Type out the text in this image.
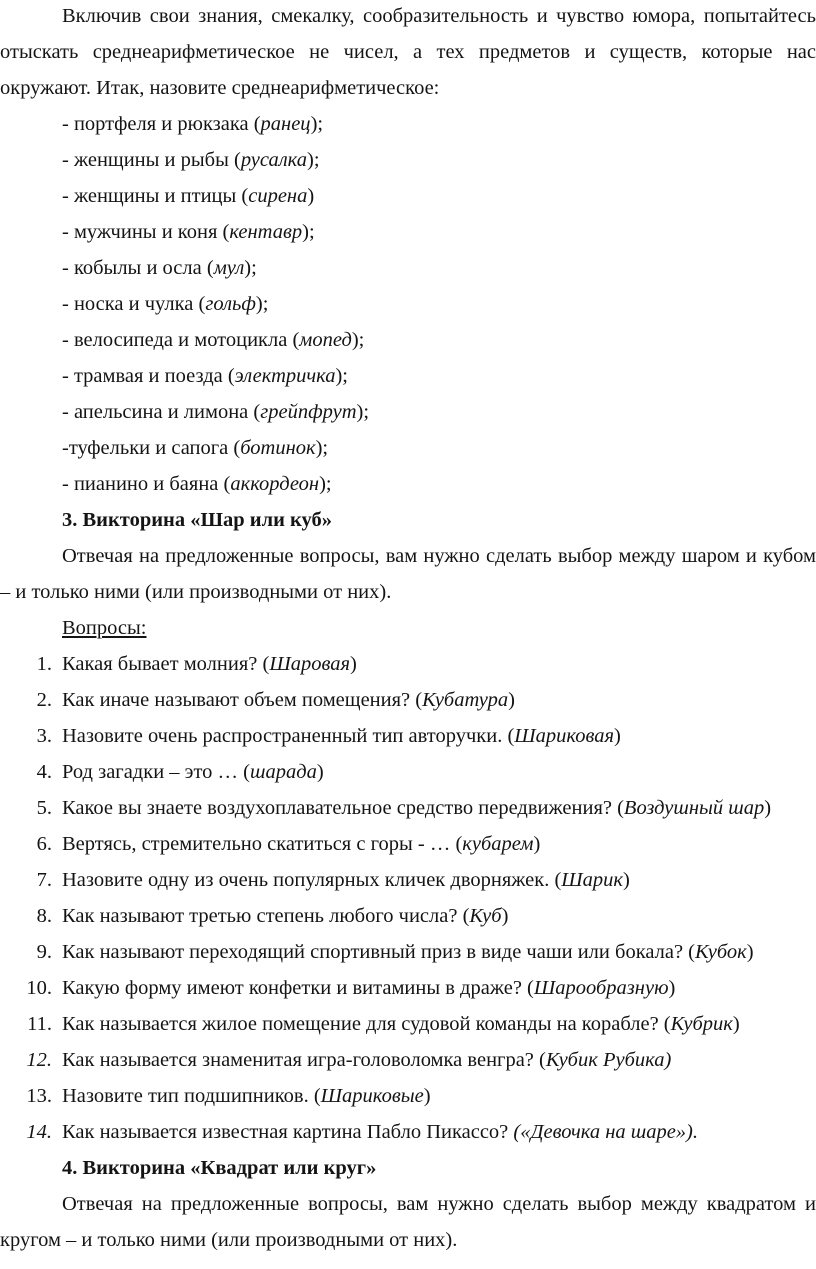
Включив свои знания, смекалку, сообразительность и чувство юмора, попытайтесь
отыскать среднеарифметическое не чисел, а тех предметов и существ, которые нас
окружают. Итак, назовите среднеарифметическое:
- портфеля и рюкзака (ранец);
- женщины и рыбы (русалка);
- женщины и птицы (сирена)
- мужчины и коня (кентавр);
- кобылы и осла (мул);
- носка и чулка (гольф);
- велосипеда и мотоцикла (мопед);
- трамвая и поезда (электричка);
- апельсина и лимона (грейпфрут);
-туфельки и сапога (ботинок);
- пианино и баяна (аккордеон);
3. Викторина «Шар или куб»
Отвечая на предложенные вопросы, вам нужно сделать выбор между шаром и кубом
– и только ними (или производными от них).
Вопросы:
1. Какая бывает молния? (Шаровая)
2. Как иначе называют объем помещения? (Кубатура)
3. Назовите очень распространенный тип авторучки. (Шариковая)
4. Род загадки – это … (шарада)
5. Какое вы знаете воздухоплавательное средство передвижения? (Воздушный шар)
6. Вертясь, стремительно скатиться с горы - … (кубарем)
7. Назовите одну из очень популярных кличек дворняжек. (Шарик)
8. Как называют третью степень любого числа? (Куб)
9. Как называют переходящий спортивный приз в виде чаши или бокала? (Кубок)
10. Какую форму имеют конфетки и витамины в драже? (Шарообразную)
11. Как называется жилое помещение для судовой команды на корабле? (Кубрик)
12. Как называется знаменитая игра-головоломка венгра? (Кубик Рубика)
13. Назовите тип подшипников. (Шариковые)
14. Как называется известная картина Пабло Пикассо? («Девочка на шаре»).
4. Викторина «Квадрат или круг»
Отвечая на предложенные вопросы, вам нужно сделать выбор между квадратом и
кругом – и только ними (или производными от них).
